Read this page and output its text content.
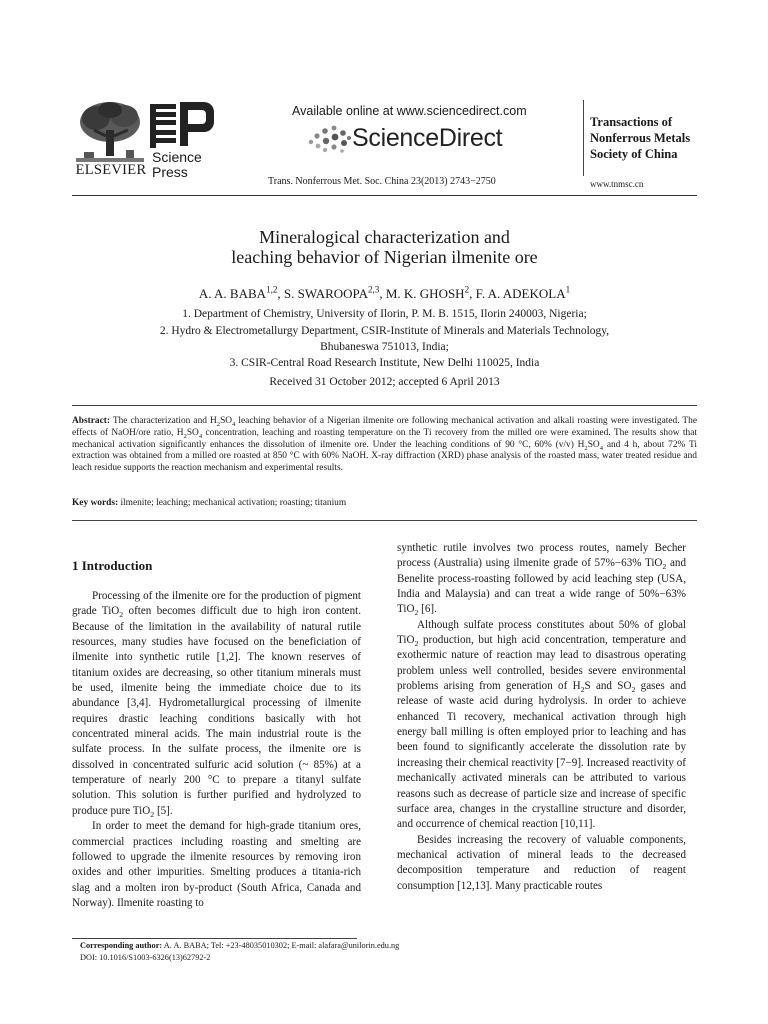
ELSEVIER
Science
Press
Available online at www.sciencedirect.com
ScienceDirect
Trans. Nonferrous Met. Soc. China 23(2013) 2743−2750
Transactions of
Nonferrous Metals
Society of China
www.tnmsc.cn
Mineralogical characterization and
leaching behavior of Nigerian ilmenite ore
A. A. BABA$^{1,2}$, S. SWAROOPA$^{2,3}$, M. K. GHOSH$^2$, F. A. ADEKOLA$^1$
1. Department of Chemistry, University of Ilorin, P. M. B. 1515, Ilorin 240003, Nigeria;
2. Hydro & Electrometallurgy Department, CSIR-Institute of Minerals and Materials Technology,
Bhubaneswa 751013, India;
3. CSIR-Central Road Research Institute, New Delhi 110025, India
Received 31 October 2012; accepted 6 April 2013
Abstract: The characterization and $H_2SO_4$ leaching behavior of a Nigerian ilmenite ore following mechanical activation and alkali roasting were investigated. The effects of NaOH/ore ratio, $H_2SO_4$ concentration, leaching and roasting temperature on the Ti recovery from the milled ore were examined. The results show that mechanical activation significantly enhances the dissolution of ilmenite ore. Under the leaching conditions of 90 °C, 60% (v/v) $H_2SO_4$ and 4 h, about 72% Ti extraction was obtained from a milled ore roasted at 850 °C with 60% NaOH. X-ray diffraction (XRD) phase analysis of the roasted mass, water treated residue and leach residue supports the reaction mechanism and experimental results.
Key words: ilmenite; leaching; mechanical activation; roasting; titanium
1 Introduction

Processing of the ilmenite ore for the production of pigment grade TiO$_2$ often becomes difficult due to high iron content. Because of the limitation in the availability of natural rutile resources, many studies have focused on the beneficiation of ilmenite into synthetic rutile [1,2]. The known reserves of titanium oxides are decreasing, so other titanium minerals must be used, ilmenite being the immediate choice due to its abundance [3,4]. Hydrometallurgical processing of ilmenite requires drastic leaching conditions basically with hot concentrated mineral acids. The main industrial route is the sulfate process. In the sulfate process, the ilmenite ore is dissolved in concentrated sulfuric acid solution (~ 85%) at a temperature of nearly 200 °C to prepare a titanyl sulfate solution. This solution is further purified and hydrolyzed to produce pure TiO$_2$ [5].

In order to meet the demand for high-grade titanium ores, commercial practices including roasting and smelting are followed to upgrade the ilmenite resources by removing iron oxides and other impurities. Smelting produces a titania-rich slag and a molten iron by-product (South Africa, Canada and Norway). Ilmenite roasting to

synthetic rutile involves two process routes, namely Becher process (Australia) using ilmenite grade of 57%−63% TiO$_2$ and Benelite process-roasting followed by acid leaching step (USA, India and Malaysia) and can treat a wide range of 50%−63% TiO$_2$ [6].

Although sulfate process constitutes about 50% of global TiO$_2$ production, but high acid concentration, temperature and exothermic nature of reaction may lead to disastrous operating problem unless well controlled, besides severe environmental problems arising from generation of $H_2S$ and $SO_2$ gases and release of waste acid during hydrolysis. In order to achieve enhanced Ti recovery, mechanical activation through high energy ball milling is often employed prior to leaching and has been found to significantly accelerate the dissolution rate by increasing their chemical reactivity [7−9]. Increased reactivity of mechanically activated minerals can be attributed to various reasons such as decrease of particle size and increase of specific surface area, changes in the crystalline structure and disorder, and occurrence of chemical reaction [10,11].

Besides increasing the recovery of valuable components, mechanical activation of mineral leads to the decreased decomposition temperature and reduction of reagent consumption [12,13]. Many practicable routes

Corresponding author: A. A. BABA; Tel: +23-48035010302; E-mail: alafara@unilorin.edu.ng
DOI: 10.1016/S1003-6326(13)62792-2
